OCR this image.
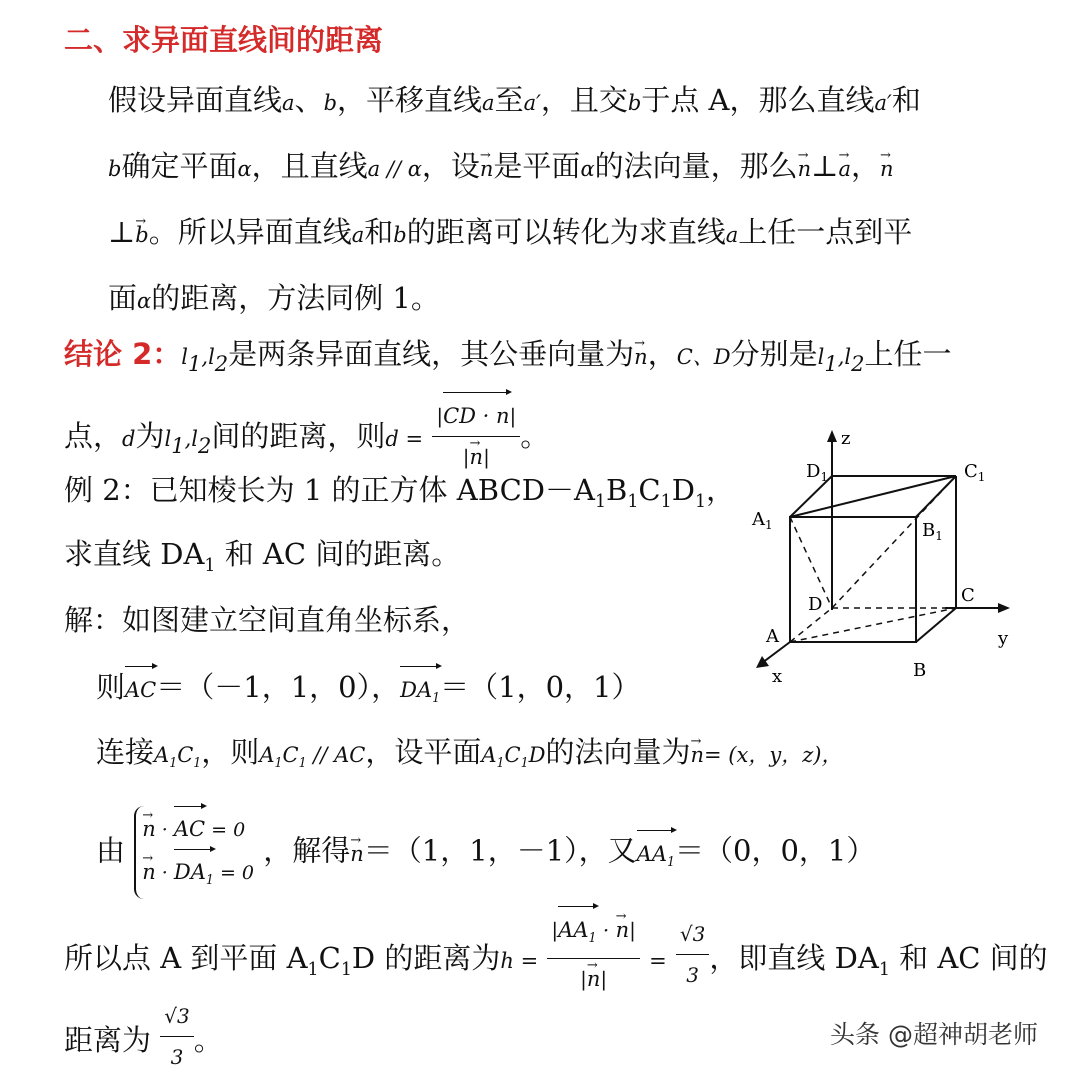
二、求异面直线间的距离
假设异面直线a、b，平移直线a至a′，且交b于点 A，那么直线a′和
b确定平面α，且直线a // α，设→ n是平面α的法向量，那么→ n⊥→ a，→ n
⊥→ b。所以异面直线a和b的距离可以转化为求直线a上任一点到平
面α的距离，方法同例 1。
结论 2：$l_1,l_2$是两条异面直线，其公垂向量为→ n，C、D分别是$l_1,l_2$上任一
点，d为$l_1,l_2$间的距离，则$d = \frac{|CD \cdot n|}{|\to n|}$ 。
例 2：已知棱长为 1 的正方体 $ABCD-A_1B_1C_1D_1$，
求直线 $DA_1$ 和 AC 间的距离。
解：如图建立空间直角坐标系，
则AC＝（－1，1，0），$DA_1=(1$，0，1）
连接$A_1C_1$，则$A_1C_1$ // AC，设平面$A_1C_1D$的法向量为→ n= (x，y，z)，
由
→ n · AC = 0
→ $n \cdot DA_1 = 0$
，解得→ n＝（1，1，－1），又$AA_1=(0$，0，1）
所以点 A 到平面 $A_1C_1D$ 的距离为$h = \frac{|AA_1 \cdot \to n|}{|\to n|} = \frac{√3}{3}$ ，即直线 $DA_1$ 和 AC 间的
距离为 $\frac{√3}{3}$ 。
z
$D_1$	$C_1$
$A_1$	$B_1$
D	C
A	y
x	B
头条 @超神胡老师
